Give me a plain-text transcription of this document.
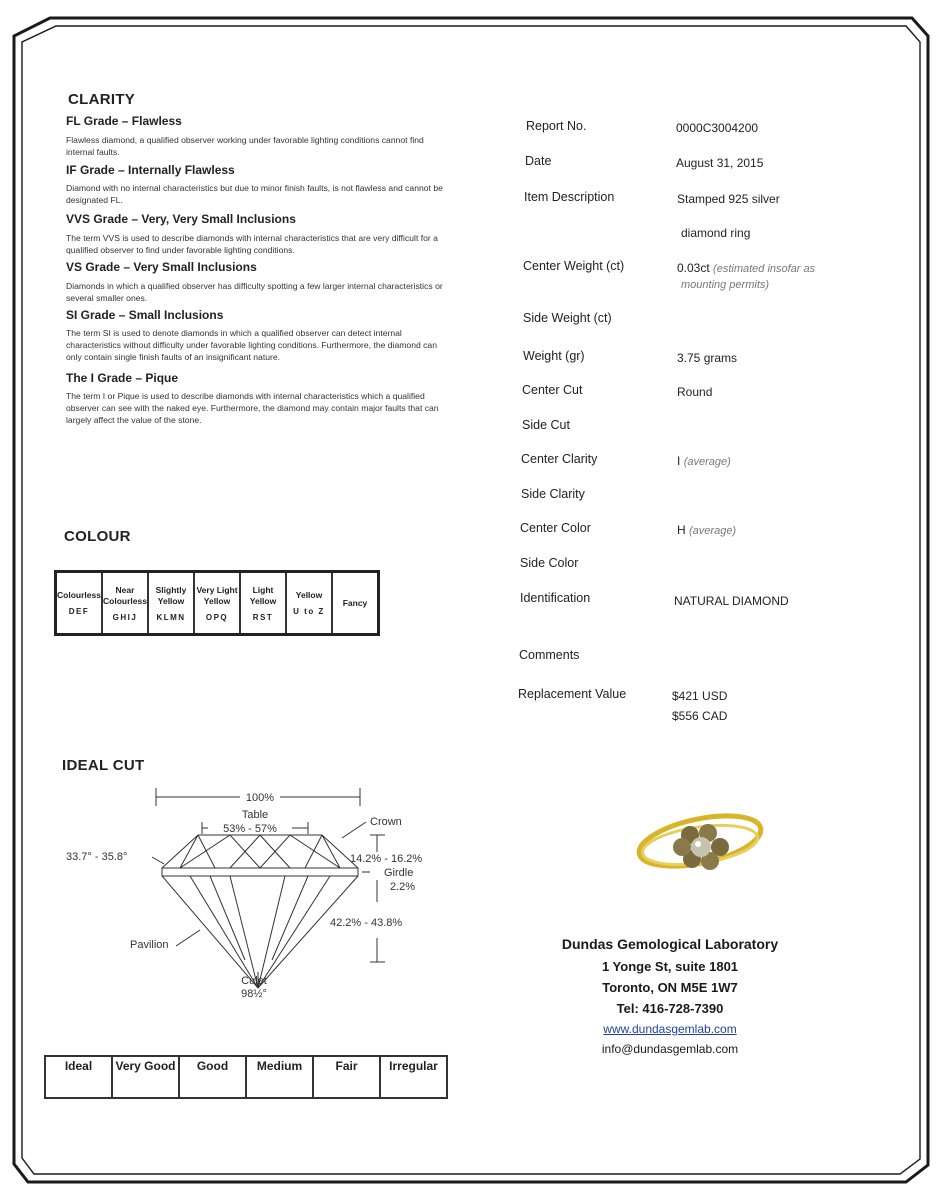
CLARITY
FL Grade – Flawless
Flawless diamond, a qualified observer working under favorable lighting conditions cannot find internal faults.
IF Grade – Internally Flawless
Diamond with no internal characteristics but due to minor finish faults, is not flawless and cannot be designated FL.
VVS Grade – Very, Very Small Inclusions
The term VVS is used to describe diamonds with internal characteristics that are very difficult for a qualified observer to find under favorable lighting conditions.
VS Grade – Very Small Inclusions
Diamonds in which a qualified observer has difficulty spotting a few larger internal characteristics or several smaller ones.
SI Grade – Small Inclusions
The term SI is used to denote diamonds in which a qualified observer can detect internal characteristics without difficulty under favorable lighting conditions. Furthermore, the diamond can only contain single finish faults of an insignificant nature.
The I Grade – Pique
The term I or Pique is used to describe diamonds with internal characteristics which a qualified observer can see with the naked eye. Furthermore, the diamond may contain major faults that can largely affect the value of the stone.
COLOUR
Colourless
DEF

Near Colourless
GHIJ

Slightly Yellow
KLMN

Very Light Yellow
OPQ

Light Yellow
RST

Yellow
U to Z

Fancy
IDEAL CUT
100%
Table
53% - 57%
Crown
33.7° - 35.8°	14.2% - 16.2%
Girdle
2.2%
42.2% - 43.8%
Pavilion
Culet
98½°
Ideal	Very Good	Good	Medium	Fair	Irregular
Report No.	0000C3004200
Date	August 31, 2015
Item Description	Stamped 925 silver
diamond ring
Center Weight (ct)	0.03ct (estimated insofar as
mounting permits)
Side Weight (ct)
Weight (gr)	3.75 grams
Center Cut	Round
Side Cut
Center Clarity	I (average)
Side Clarity
Center Color	H (average)
Side Color
Identification	NATURAL DIAMOND
Comments
Replacement Value	$421 USD
$556 CAD
Dundas Gemological Laboratory
1 Yonge St, suite 1801
Toronto, ON M5E 1W7
Tel: 416-728-7390
www.dundasgemlab.com
info@dundasgemlab.com
